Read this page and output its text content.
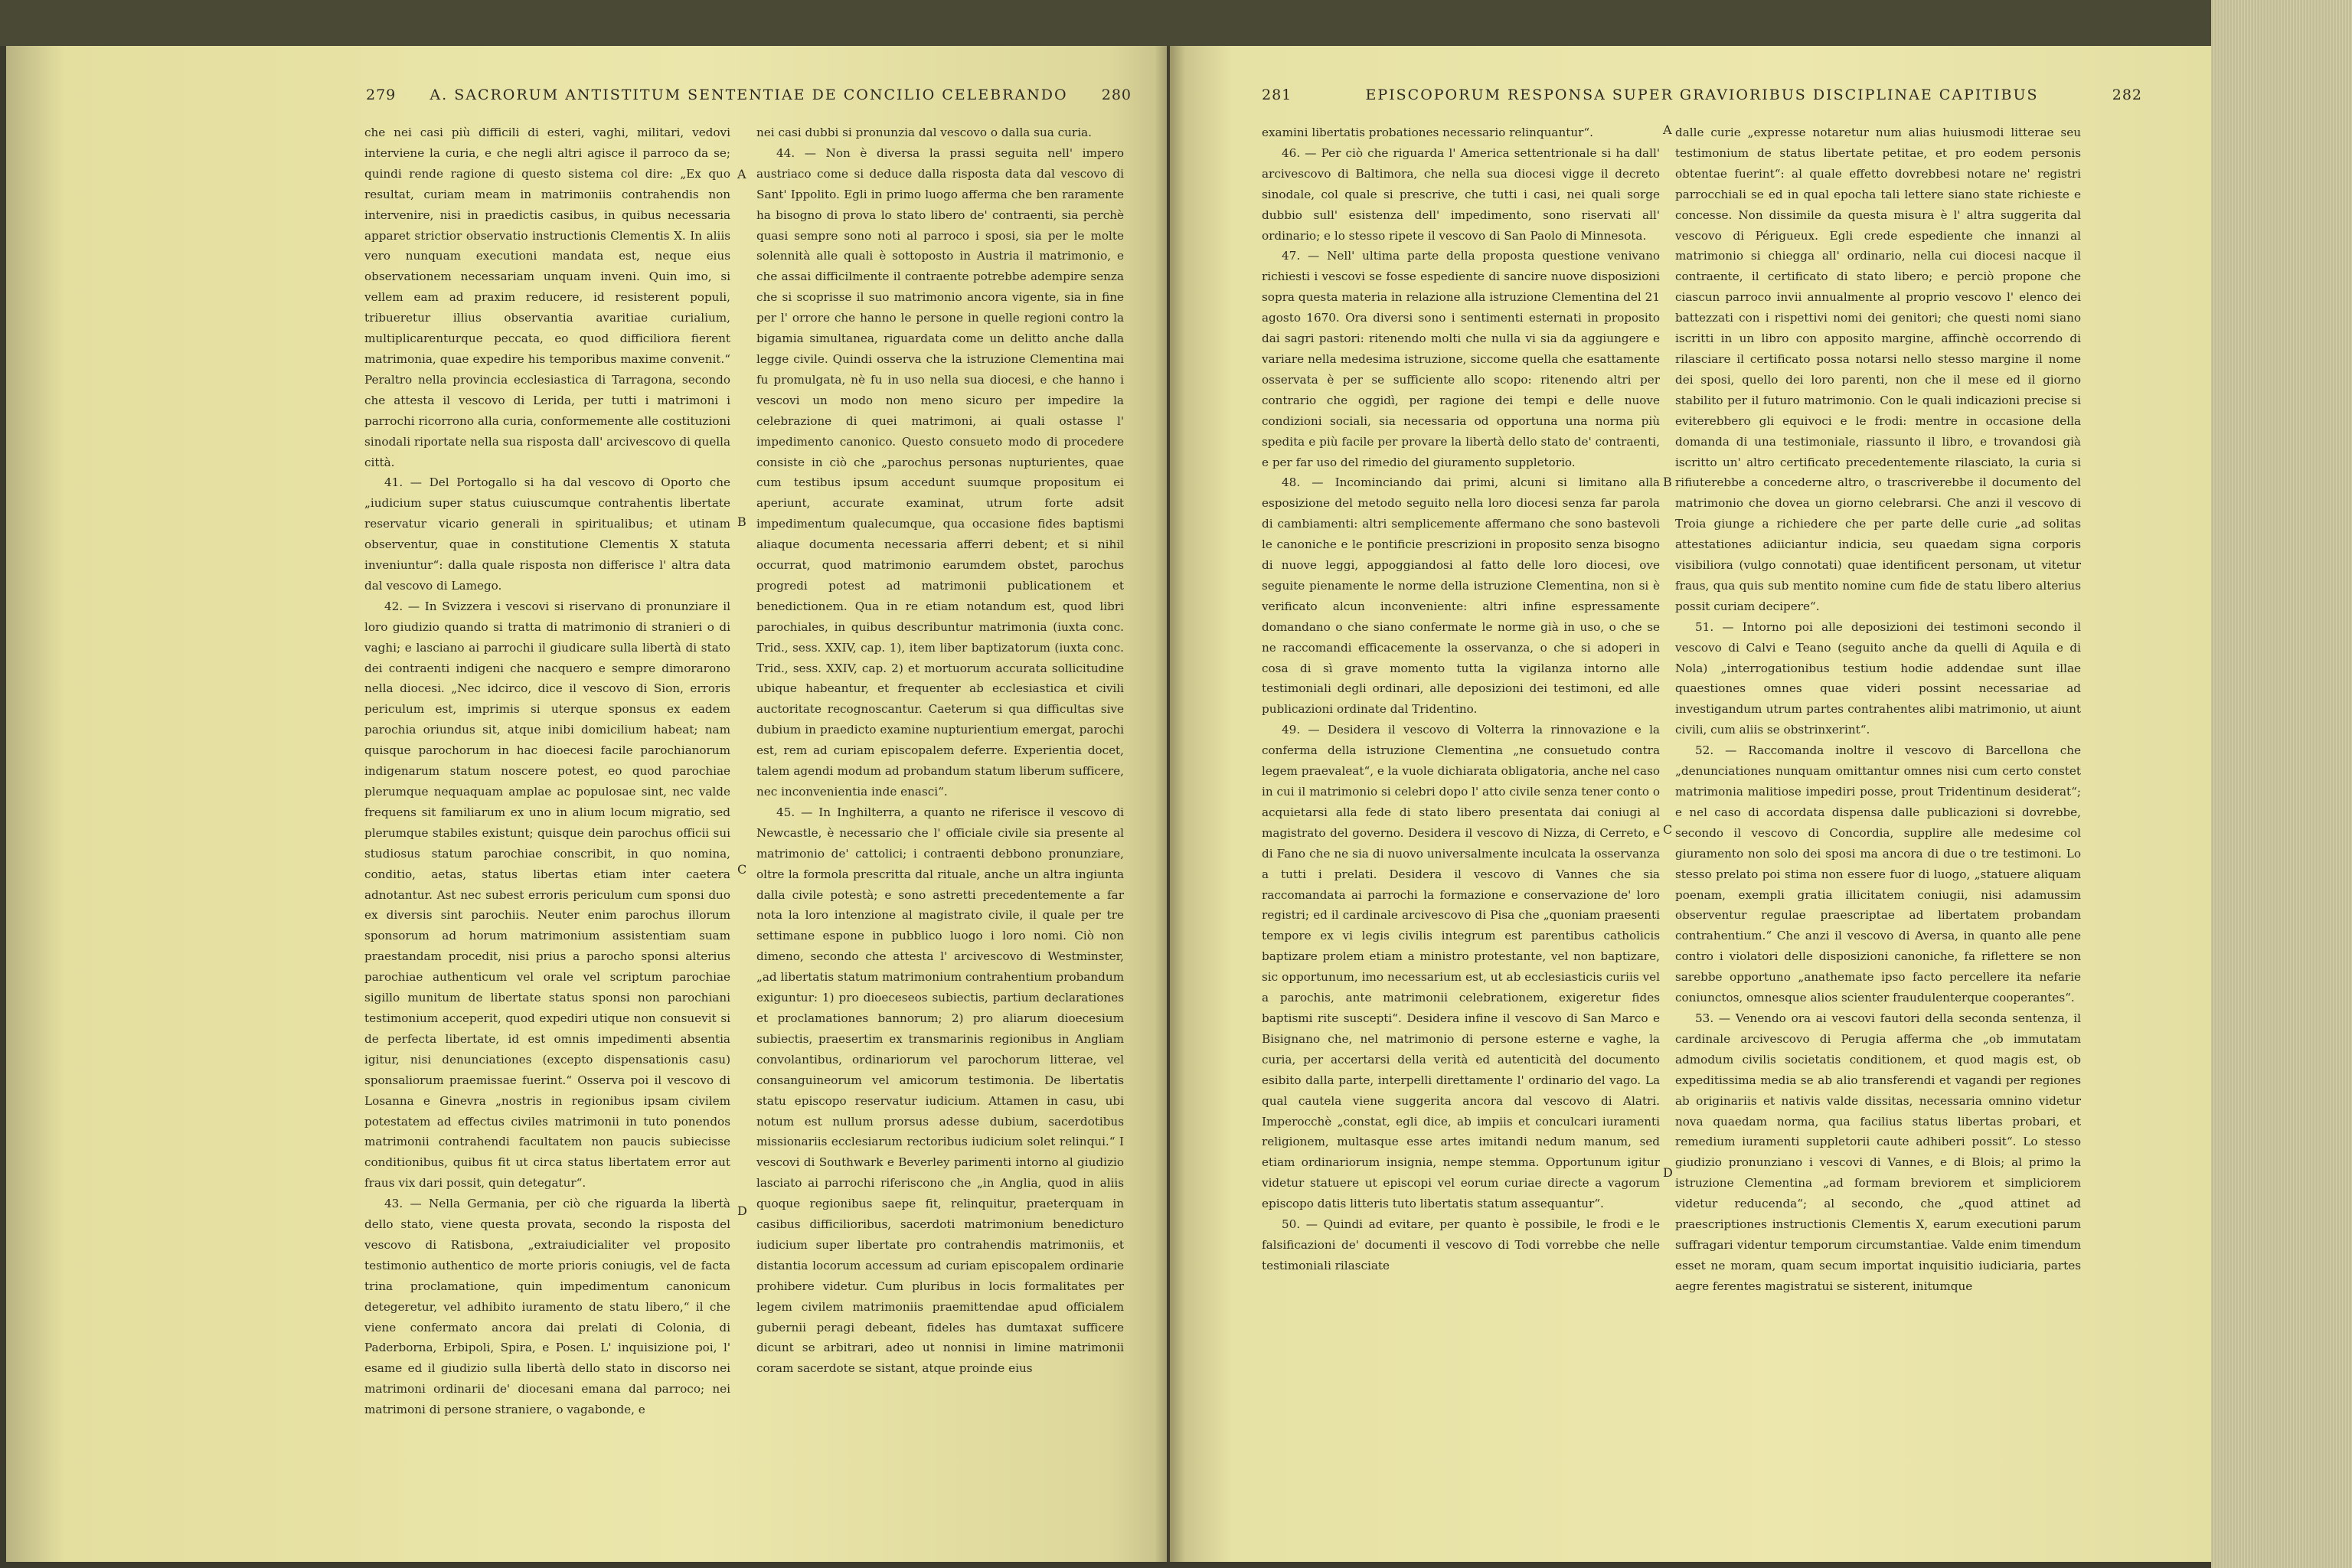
279	A. SACRORUM ANTISTITUM SENTENTIAE DE CONCILIO CELEBRANDO	280

che nei casi più difficili di esteri, vaghi, militari, vedovi interviene la curia, e che negli altri agisce il parroco da se; quindi rende ragione di questo sistema col dire: „Ex quo resultat, curiam meam in matrimoniis contrahendis non intervenire, nisi in praedictis casibus, in quibus necessaria apparet strictior observatio instructionis Clementis X. In aliis vero nunquam executioni mandata est, neque eius observationem necessariam unquam inveni. Quin imo, si vellem eam ad praxim reducere, id resisterent populi, tribueretur illius observantia avaritiae curialium, multiplicarenturque peccata, eo quod difficiliora fierent matrimonia, quae expedire his temporibus maxime convenit.“ Peraltro nella provincia ecclesiastica di Tarragona, secondo che attesta il vescovo di Lerida, per tutti i matrimoni i parrochi ricorrono alla curia, conformemente alle costituzioni sinodali riportate nella sua risposta dall' arcivescovo di quella città.

41. — Del Portogallo si ha dal vescovo di Oporto che „iudicium super status cuiuscumque contrahentis libertate reservatur vicario generali in spiritualibus; et utinam observentur, quae in constitutione Clementis X statuta inveniuntur“: dalla quale risposta non differisce l' altra data dal vescovo di Lamego.

42. — In Svizzera i vescovi si riservano di pronunziare il loro giudizio quando si tratta di matrimonio di stranieri o di vaghi; e lasciano ai parrochi il giudicare sulla libertà di stato dei contraenti indigeni che nacquero e sempre dimorarono nella diocesi. „Nec idcirco, dice il vescovo di Sion, erroris periculum est, imprimis si uterque sponsus ex eadem parochia oriundus sit, atque inibi domicilium habeat; nam quisque parochorum in hac dioecesi facile parochianorum indigenarum statum noscere potest, eo quod parochiae plerumque nequaquam amplae ac populosae sint, nec valde frequens sit familiarum ex uno in alium locum migratio, sed plerumque stabiles existunt; quisque dein parochus officii sui studiosus statum parochiae conscribit, in quo nomina, conditio, aetas, status libertas etiam inter caetera adnotantur. Ast nec subest erroris periculum cum sponsi duo ex diversis sint parochiis. Neuter enim parochus illorum sponsorum ad horum matrimonium assistentiam suam praestandam procedit, nisi prius a parocho sponsi alterius parochiae authenticum vel orale vel scriptum parochiae sigillo munitum de libertate status sponsi non parochiani testimonium acceperit, quod expediri utique non consuevit si de perfecta libertate, id est omnis impedimenti absentia igitur, nisi denunciationes (excepto dispensationis casu) sponsaliorum praemissae fuerint.“ Osserva poi il vescovo di Losanna e Ginevra „nostris in regionibus ipsam civilem potestatem ad effectus civiles matrimonii in tuto ponendos matrimonii contrahendi facultatem non paucis subiecisse conditionibus, quibus fit ut circa status libertatem error aut fraus vix dari possit, quin detegatur“.

43. — Nella Germania, per ciò che riguarda la libertà dello stato, viene questa provata, secondo la risposta del vescovo di Ratisbona, „extraiudicialiter vel proposito testimonio authentico de morte prioris coniugis, vel de facta trina proclamatione, quin impedimentum canonicum detegeretur, vel adhibito iuramento de statu libero,“ il che viene confermato ancora dai prelati di Colonia, di Paderborna, Erbipoli, Spira, e Posen. L' inquisizione poi, l' esame ed il giudizio sulla libertà dello stato in discorso nei matrimoni ordinarii de' diocesani emana dal parroco; nei matrimoni di persone straniere, o vagabonde, e

A
B
C
D

nei casi dubbi si pronunzia dal vescovo o dalla sua curia.

44. — Non è diversa la prassi seguita nell' impero austriaco come si deduce dalla risposta data dal vescovo di Sant' Ippolito. Egli in primo luogo afferma che ben raramente ha bisogno di prova lo stato libero de' contraenti, sia perchè quasi sempre sono noti al parroco i sposi, sia per le molte solennità alle quali è sottoposto in Austria il matrimonio, e che assai difficilmente il contraente potrebbe adempire senza che si scoprisse il suo matrimonio ancora vigente, sia in fine per l' orrore che hanno le persone in quelle regioni contro la bigamia simultanea, riguardata come un delitto anche dalla legge civile. Quindi osserva che la istruzione Clementina mai fu promulgata, nè fu in uso nella sua diocesi, e che hanno i vescovi un modo non meno sicuro per impedire la celebrazione di quei matrimoni, ai quali ostasse l' impedimento canonico. Questo consueto modo di procedere consiste in ciò che „parochus personas nupturientes, quae cum testibus ipsum accedunt suumque propositum ei aperiunt, accurate examinat, utrum forte adsit impedimentum qualecumque, qua occasione fides baptismi aliaque documenta necessaria afferri debent; et si nihil occurrat, quod matrimonio earumdem obstet, parochus progredi potest ad matrimonii publicationem et benedictionem. Qua in re etiam notandum est, quod libri parochiales, in quibus describuntur matrimonia (iuxta conc. Trid., sess. XXIV, cap. 1), item liber baptizatorum (iuxta conc. Trid., sess. XXIV, cap. 2) et mortuorum accurata sollicitudine ubique habeantur, et frequenter ab ecclesiastica et civili auctoritate recognoscantur. Caeterum si qua difficultas sive dubium in praedicto examine nupturientium emergat, parochi est, rem ad curiam episcopalem deferre. Experientia docet, talem agendi modum ad probandum statum liberum sufficere, nec inconvenientia inde enasci“.

45. — In Inghilterra, a quanto ne riferisce il vescovo di Newcastle, è necessario che l' officiale civile sia presente al matrimonio de' cattolici; i contraenti debbono pronunziare, oltre la formola prescritta dal rituale, anche un altra ingiunta dalla civile potestà; e sono astretti precedentemente a far nota la loro intenzione al magistrato civile, il quale per tre settimane espone in pubblico luogo i loro nomi. Ciò non dimeno, secondo che attesta l' arcivescovo di Westminster, „ad libertatis statum matrimonium contrahentium probandum exiguntur: 1) pro dioeceseos subiectis, partium declarationes et proclamationes bannorum; 2) pro aliarum dioecesium subiectis, praesertim ex transmarinis regionibus in Angliam convolantibus, ordinariorum vel parochorum litterae, vel consanguineorum vel amicorum testimonia. De libertatis statu episcopo reservatur iudicium. Attamen in casu, ubi notum est nullum prorsus adesse dubium, sacerdotibus missionariis ecclesiarum rectoribus iudicium solet relinqui.“ I vescovi di Southwark e Beverley parimenti intorno al giudizio lasciato ai parrochi riferiscono che „in Anglia, quod in aliis quoque regionibus saepe fit, relinquitur, praeterquam in casibus difficilioribus, sacerdoti matrimonium benedicturo iudicium super libertate pro contrahendis matrimoniis, et distantia locorum accessum ad curiam episcopalem ordinarie prohibere videtur. Cum pluribus in locis formalitates per legem civilem matrimoniis praemittendae apud officialem gubernii peragi debeant, fideles has dumtaxat sufficere dicunt se arbitrari, adeo ut nonnisi in limine matrimonii coram sacerdote se sistant, atque proinde eius

281	EPISCOPORUM RESPONSA SUPER GRAVIORIBUS DISCIPLINAE CAPITIBUS	282

examini libertatis probationes necessario relinquantur“.

46. — Per ciò che riguarda l' America settentrionale si ha dall' arcivescovo di Baltimora, che nella sua diocesi vigge il decreto sinodale, col quale si prescrive, che tutti i casi, nei quali sorge dubbio sull' esistenza dell' impedimento, sono riservati all' ordinario; e lo stesso ripete il vescovo di San Paolo di Minnesota.

47. — Nell' ultima parte della proposta questione venivano richiesti i vescovi se fosse espediente di sancire nuove disposizioni sopra questa materia in relazione alla istruzione Clementina del 21 agosto 1670. Ora diversi sono i sentimenti esternati in proposito dai sagri pastori: ritenendo molti che nulla vi sia da aggiungere e variare nella medesima istruzione, siccome quella che esattamente osservata è per se sufficiente allo scopo: ritenendo altri per contrario che oggidì, per ragione dei tempi e delle nuove condizioni sociali, sia necessaria od opportuna una norma più spedita e più facile per provare la libertà dello stato de' contraenti, e per far uso del rimedio del giuramento suppletorio.

48. — Incominciando dai primi, alcuni si limitano alla esposizione del metodo seguito nella loro diocesi senza far parola di cambiamenti: altri semplicemente affermano che sono bastevoli le canoniche e le pontificie prescrizioni in proposito senza bisogno di nuove leggi, appoggiandosi al fatto delle loro diocesi, ove seguite pienamente le norme della istruzione Clementina, non si è verificato alcun inconveniente: altri infine espressamente domandano o che siano confermate le norme già in uso, o che se ne raccomandi efficacemente la osservanza, o che si adoperi in cosa di sì grave momento tutta la vigilanza intorno alle testimoniali degli ordinari, alle deposizioni dei testimoni, ed alle publicazioni ordinate dal Tridentino.

49. — Desidera il vescovo di Volterra la rinnovazione e la conferma della istruzione Clementina „ne consuetudo contra legem praevaleat“, e la vuole dichiarata obligatoria, anche nel caso in cui il matrimonio si celebri dopo l' atto civile senza tener conto o acquietarsi alla fede di stato libero presentata dai coniugi al magistrato del governo. Desidera il vescovo di Nizza, di Cerreto, e di Fano che ne sia di nuovo universalmente inculcata la osservanza a tutti i prelati. Desidera il vescovo di Vannes che sia raccomandata ai parrochi la formazione e conservazione de' loro registri; ed il cardinale arcivescovo di Pisa che „quoniam praesenti tempore ex vi legis civilis integrum est parentibus catholicis baptizare prolem etiam a ministro protestante, vel non baptizare, sic opportunum, imo necessarium est, ut ab ecclesiasticis curiis vel a parochis, ante matrimonii celebrationem, exigeretur fides baptismi rite suscepti“. Desidera infine il vescovo di San Marco e Bisignano che, nel matrimonio di persone esterne e vaghe, la curia, per accertarsi della verità ed autenticità del documento esibito dalla parte, interpelli direttamente l' ordinario del vago. La qual cautela viene suggerita ancora dal vescovo di Alatri. Imperocchè „constat, egli dice, ab impiis et conculcari iuramenti religionem, multasque esse artes imitandi nedum manum, sed etiam ordinariorum insignia, nempe stemma. Opportunum igitur videtur statuere ut episcopi vel eorum curiae directe a vagorum episcopo datis litteris tuto libertatis statum assequantur“.

50. — Quindi ad evitare, per quanto è possibile, le frodi e le falsificazioni de' documenti il vescovo di Todi vorrebbe che nelle testimoniali rilasciate

A
B
C
D

dalle curie „expresse notaretur num alias huiusmodi litterae seu testimonium de status libertate petitae, et pro eodem personis obtentae fuerint“: al quale effetto dovrebbesi notare ne' registri parrocchiali se ed in qual epocha tali lettere siano state richieste e concesse. Non dissimile da questa misura è l' altra suggerita dal vescovo di Périgueux. Egli crede espediente che innanzi al matrimonio si chiegga all' ordinario, nella cui diocesi nacque il contraente, il certificato di stato libero; e perciò propone che ciascun parroco invii annualmente al proprio vescovo l' elenco dei battezzati con i rispettivi nomi dei genitori; che questi nomi siano iscritti in un libro con apposito margine, affinchè occorrendo di rilasciare il certificato possa notarsi nello stesso margine il nome dei sposi, quello dei loro parenti, non che il mese ed il giorno stabilito per il futuro matrimonio. Con le quali indicazioni precise si eviterebbero gli equivoci e le frodi: mentre in occasione della domanda di una testimoniale, riassunto il libro, e trovandosi già iscritto un' altro certificato precedentemente rilasciato, la curia si rifiuterebbe a concederne altro, o trascriverebbe il documento del matrimonio che dovea un giorno celebrarsi. Che anzi il vescovo di Troia giunge a richiedere che per parte delle curie „ad solitas attestationes adiiciantur indicia, seu quaedam signa corporis visibiliora (vulgo connotati) quae identificent personam, ut vitetur fraus, qua quis sub mentito nomine cum fide de statu libero alterius possit curiam decipere“.

51. — Intorno poi alle deposizioni dei testimoni secondo il vescovo di Calvi e Teano (seguito anche da quelli di Aquila e di Nola) „interrogationibus testium hodie addendae sunt illae quaestiones omnes quae videri possint necessariae ad investigandum utrum partes contrahentes alibi matrimonio, ut aiunt civili, cum aliis se obstrinxerint“.

52. — Raccomanda inoltre il vescovo di Barcellona che „denunciationes nunquam omittantur omnes nisi cum certo constet matrimonia malitiose impediri posse, prout Tridentinum desiderat“; e nel caso di accordata dispensa dalle publicazioni si dovrebbe, secondo il vescovo di Concordia, supplire alle medesime col giuramento non solo dei sposi ma ancora di due o tre testimoni. Lo stesso prelato poi stima non essere fuor di luogo, „statuere aliquam poenam, exempli gratia illicitatem coniugii, nisi adamussim observentur regulae praescriptae ad libertatem probandam contrahentium.“ Che anzi il vescovo di Aversa, in quanto alle pene contro i violatori delle disposizioni canoniche, fa riflettere se non sarebbe opportuno „anathemate ipso facto percellere ita nefarie coniunctos, omnesque alios scienter fraudulenterque cooperantes“.

53. — Venendo ora ai vescovi fautori della seconda sentenza, il cardinale arcivescovo di Perugia afferma che „ob immutatam admodum civilis societatis conditionem, et quod magis est, ob expeditissima media se ab alio transferendi et vagandi per regiones ab originariis et nativis valde dissitas, necessaria omnino videtur nova quaedam norma, qua facilius status libertas probari, et remedium iuramenti suppletorii caute adhiberi possit“. Lo stesso giudizio pronunziano i vescovi di Vannes, e di Blois; al primo la istruzione Clementina „ad formam breviorem et simpliciorem videtur reducenda“; al secondo, che „quod attinet ad praescriptiones instructionis Clementis X, earum executioni parum suffragari videntur temporum circumstantiae. Valde enim timendum esset ne moram, quam secum importat inquisitio iudiciaria, partes aegre ferentes magistratui se sisterent, initumque
